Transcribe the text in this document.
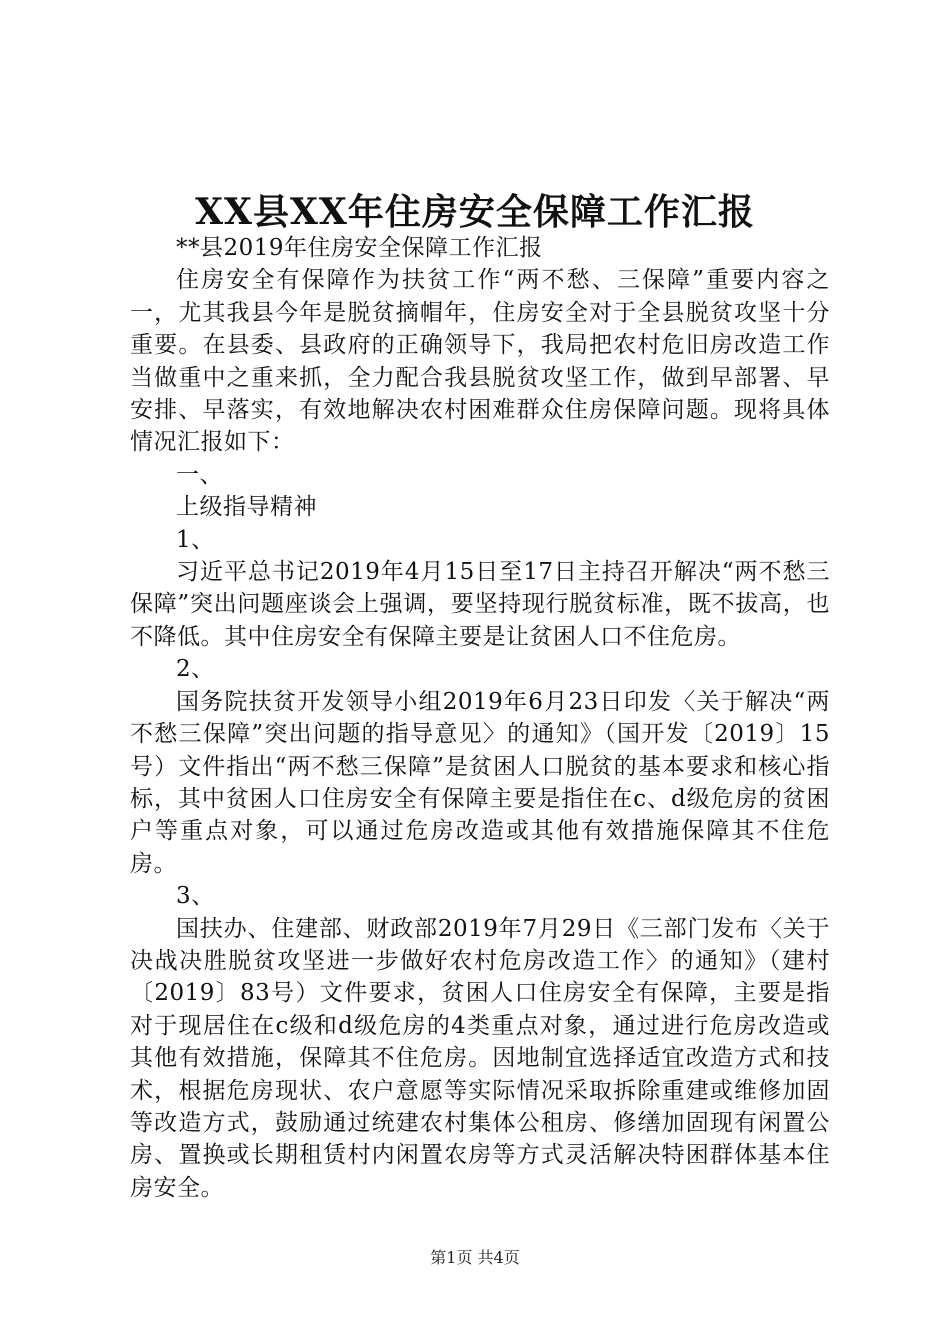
XX县XX年住房安全保障工作汇报

**县2019年住房安全保障工作汇报

住房安全有保障作为扶贫工作“两不愁、三保障”重要内容之一，尤其我县今年是脱贫摘帽年，住房安全对于全县脱贫攻坚十分重要。在县委、县政府的正确领导下，我局把农村危旧房改造工作当做重中之重来抓，全力配合我县脱贫攻坚工作，做到早部署、早安排、早落实，有效地解决农村困难群众住房保障问题。现将具体情况汇报如下：

一、

上级指导精神

1、

习近平总书记2019年4月15日至17日主持召开解决“两不愁三保障”突出问题座谈会上强调，要坚持现行脱贫标准，既不拔高，也不降低。其中住房安全有保障主要是让贫困人口不住危房。

2、

国务院扶贫开发领导小组2019年6月23日印发〈关于解决“两不愁三保障”突出问题的指导意见〉的通知》（国开发〔2019〕15号）文件指出“两不愁三保障”是贫困人口脱贫的基本要求和核心指标，其中贫困人口住房安全有保障主要是指住在c、d级危房的贫困户等重点对象，可以通过危房改造或其他有效措施保障其不住危房。

3、

国扶办、住建部、财政部2019年7月29日《三部门发布〈关于决战决胜脱贫攻坚进一步做好农村危房改造工作〉的通知》（建村〔2019〕83号）文件要求，贫困人口住房安全有保障，主要是指对于现居住在c级和d级危房的4类重点对象，通过进行危房改造或其他有效措施，保障其不住危房。因地制宜选择适宜改造方式和技术，根据危房现状、农户意愿等实际情况采取拆除重建或维修加固等改造方式，鼓励通过统建农村集体公租房、修缮加固现有闲置公房、置换或长期租赁村内闲置农房等方式灵活解决特困群体基本住房安全。

第1页 共4页
